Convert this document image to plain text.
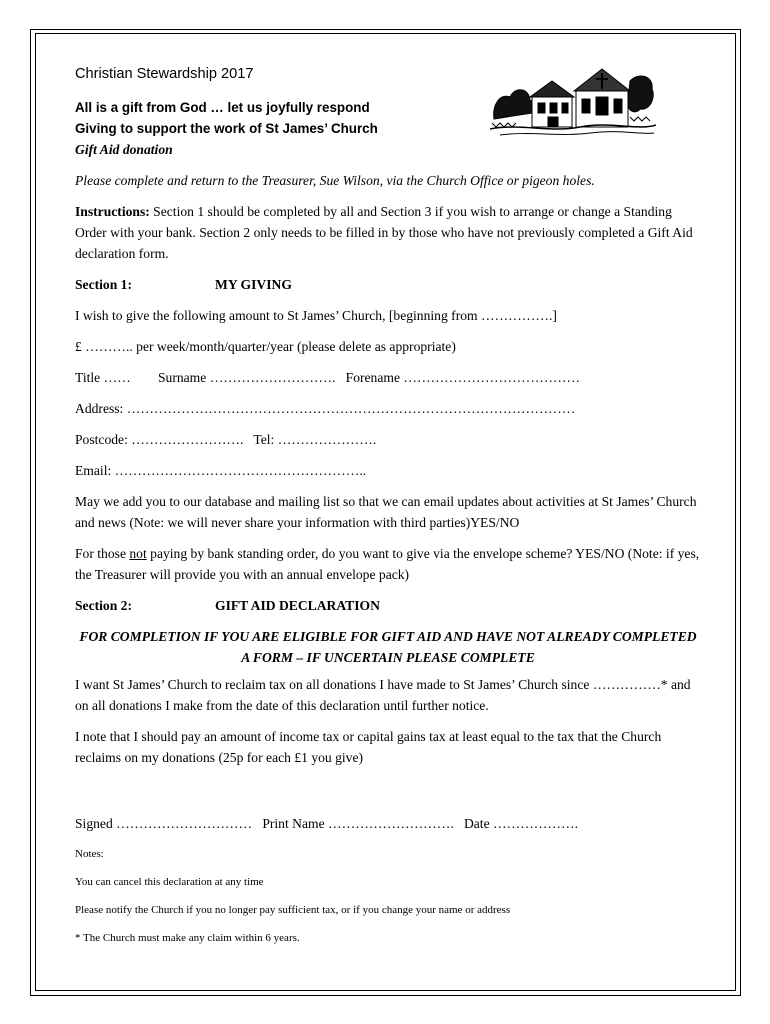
Christian Stewardship 2017

All is a gift from God … let us joyfully respond

Giving to support the work of St James’ Church

Gift Aid donation

Please complete and return to the Treasurer, Sue Wilson, via the Church Office or pigeon holes.

Instructions: Section 1 should be completed by all and Section 3 if you wish to arrange or change a Standing Order with your bank. Section 2 only needs to be filled in by those who have not previously completed a Gift Aid declaration form.

Section 1:	MY GIVING

I wish to give the following amount to St James’ Church, [beginning from …………….]

£ ……….. per week/month/quarter/year (please delete as appropriate)

Title …… Surname ………………………. Forename …………………………………

Address: ………………………………………………………………………………………

Postcode: ……………………. Tel: ………………….

Email: ………………………………………………..

May we add you to our database and mailing list so that we can email updates about activities at St James’ Church and news (Note: we will never share your information with third parties)YES/NO

For those not paying by bank standing order, do you want to give via the envelope scheme? YES/NO (Note: if yes, the Treasurer will provide you with an annual envelope pack)

Section 2:	GIFT AID DECLARATION

FOR COMPLETION IF YOU ARE ELIGIBLE FOR GIFT AID AND HAVE NOT ALREADY COMPLETED A FORM – IF UNCERTAIN PLEASE COMPLETE

I want St James’ Church to reclaim tax on all donations I have made to St James’ Church since ……………* and on all donations I make from the date of this declaration until further notice.

I note that I should pay an amount of income tax or capital gains tax at least equal to the tax that the Church reclaims on my donations (25p for each £1 you give)

Signed ………………………… Print Name ………………………. Date ……………….

Notes:

You can cancel this declaration at any time

Please notify the Church if you no longer pay sufficient tax, or if you change your name or address

* The Church must make any claim within 6 years.
